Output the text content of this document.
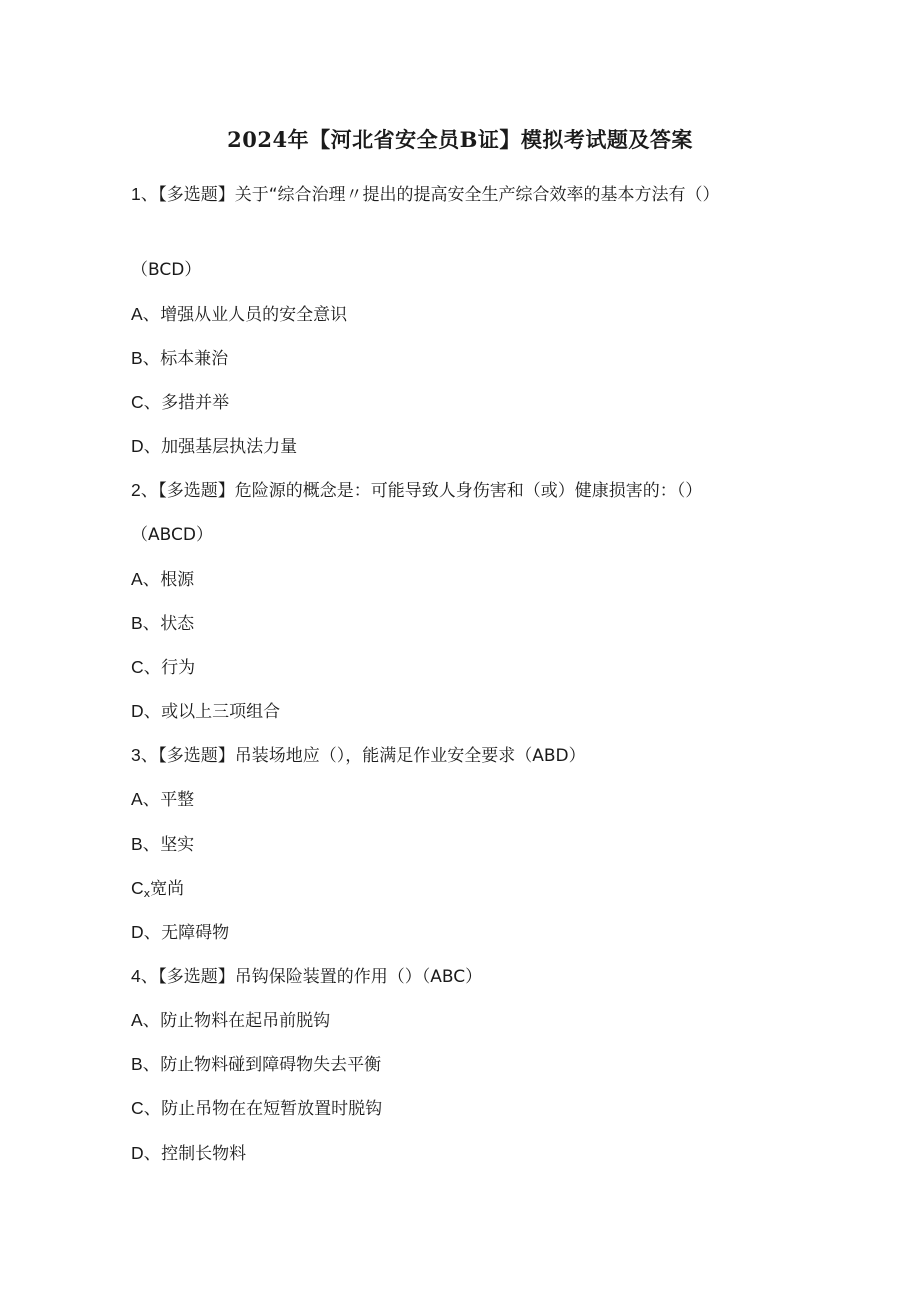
2024年【河北省安全员B证】模拟考试题及答案
1、【多选题】关于“综合治理〃提出的提高安全生产综合效率的基本方法有（）
（BCD）
A、增强从业人员的安全意识
B、标本兼治
C、多措并举
D、加强基层执法力量
2、【多选题】危险源的概念是：可能导致人身伤害和（或）健康损害的：（）
（ABCD）
A、根源
B、状态
C、行为
D、或以上三项组合
3、【多选题】吊装场地应（），能满足作业安全要求（ABD）
A、平整
B、坚实
$C_x$宽尚
D、无障碍物
4、【多选题】吊钩保险装置的作用（）（ABC）
A、防止物料在起吊前脱钩
B、防止物料碰到障碍物失去平衡
C、防止吊物在在短暂放置时脱钩
D、控制长物料
